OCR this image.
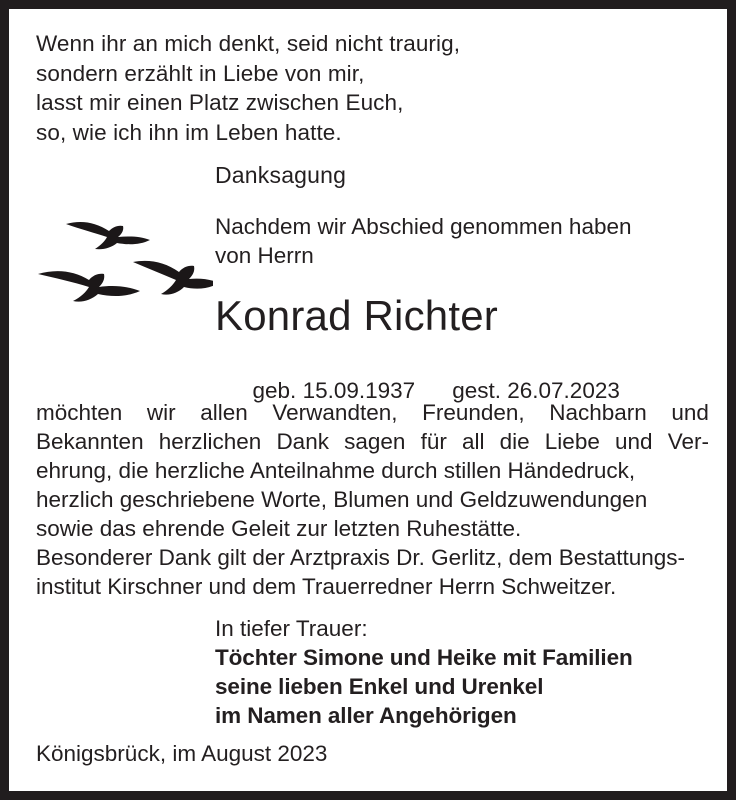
Wenn ihr an mich denkt, seid nicht traurig,
sondern erzählt in Liebe von mir,
lasst mir einen Platz zwischen Euch,
so, wie ich ihn im Leben hatte.
Danksagung
Nachdem wir Abschied genommen haben
von Herrn
Konrad Richter

geb. 15.09.1937 gest. 26.07.2023

möchten wir allen Verwandten, Freunden, Nachbarn und
Bekannten herzlichen Dank sagen für all die Liebe und Ver-
ehrung, die herzliche Anteilnahme durch stillen Händedruck,
herzlich geschriebene Worte, Blumen und Geldzuwendungen
sowie das ehrende Geleit zur letzten Ruhestätte.
Besonderer Dank gilt der Arztpraxis Dr. Gerlitz, dem Bestattungs-
institut Kirschner und dem Trauerredner Herrn Schweitzer.
In tiefer Trauer:
Töchter Simone und Heike mit Familien
seine lieben Enkel und Urenkel
im Namen aller Angehörigen
Königsbrück, im August 2023
